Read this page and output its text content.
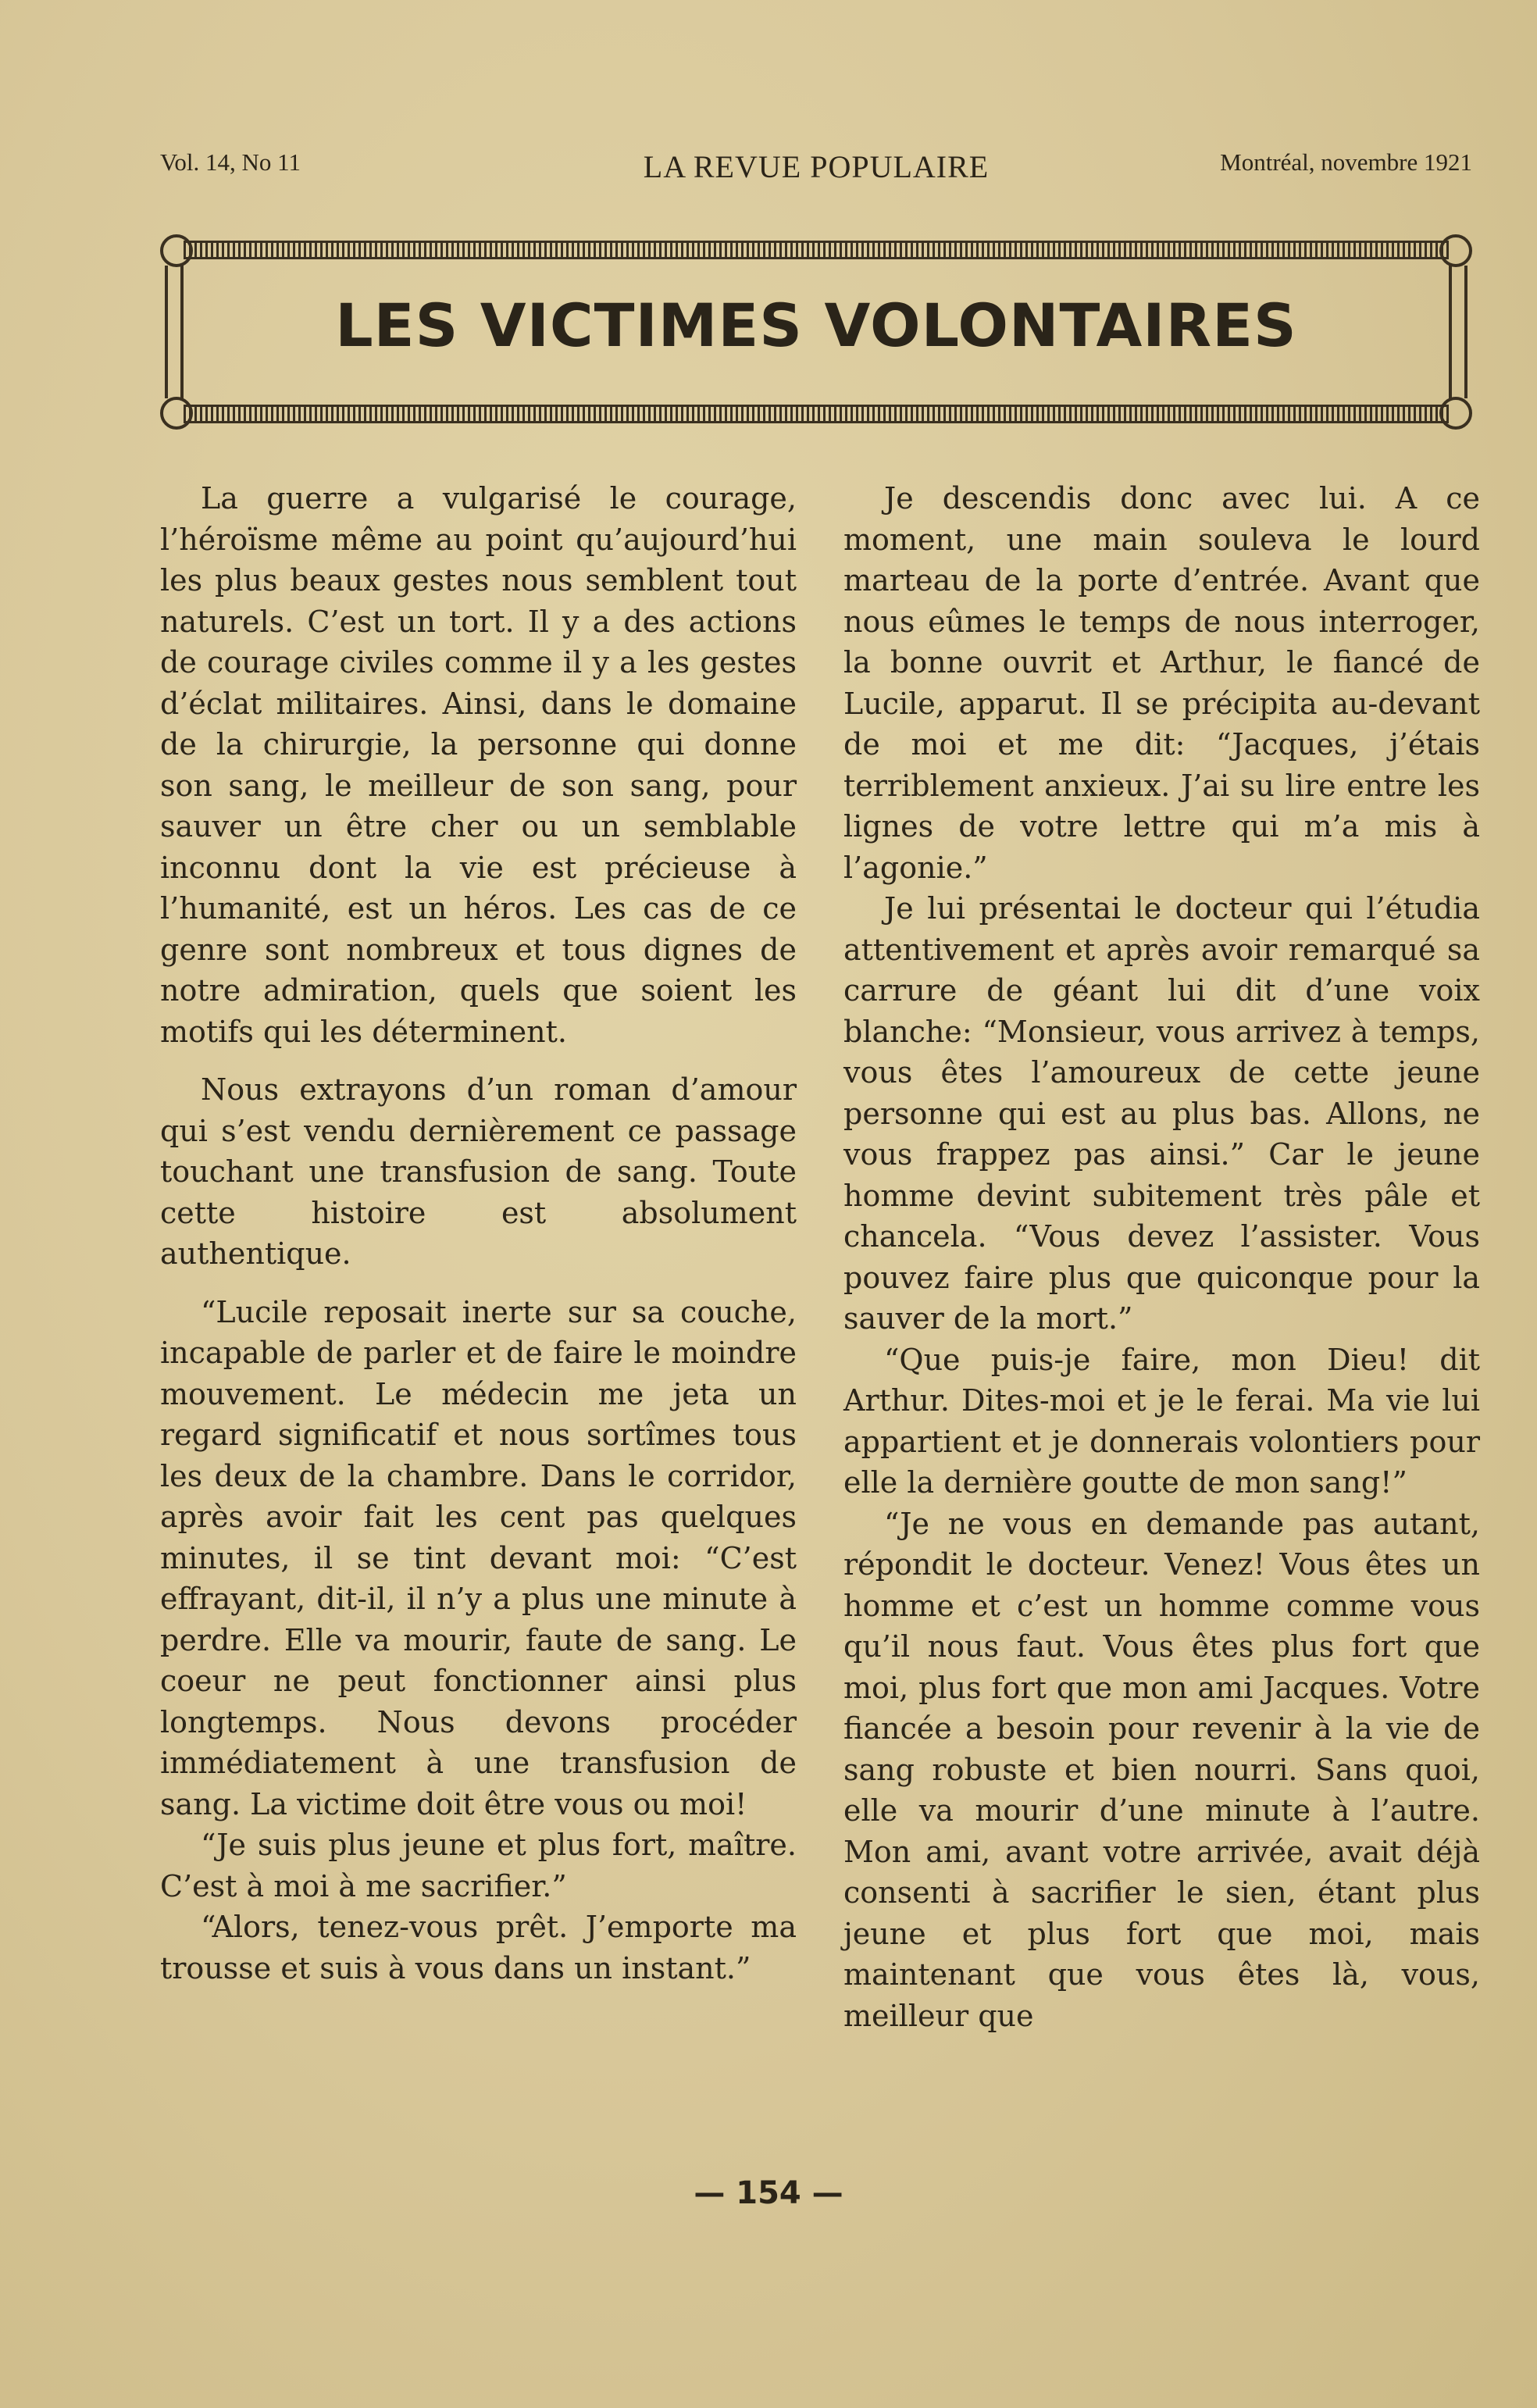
Vol. 14, No 11	LA REVUE POPULAIRE	Montréal, novembre 1921
LES VICTIMES VOLONTAIRES

La guerre a vulgarisé le courage, l’héroïsme même au point qu’aujourd’hui les plus beaux gestes nous semblent tout naturels. C’est un tort. Il y a des actions de courage civiles comme il y a les gestes d’éclat militaires. Ainsi, dans le domaine de la chirurgie, la personne qui donne son sang, le meilleur de son sang, pour sauver un être cher ou un semblable inconnu dont la vie est précieuse à l’humanité, est un héros. Les cas de ce genre sont nombreux et tous dignes de notre admiration, quels que soient les motifs qui les déterminent.

Nous extrayons d’un roman d’amour qui s’est vendu dernièrement ce passage touchant une transfusion de sang. Toute cette histoire est absolument authentique.

“Lucile reposait inerte sur sa couche, incapable de parler et de faire le moindre mouvement. Le médecin me jeta un regard significatif et nous sortîmes tous les deux de la chambre. Dans le corridor, après avoir fait les cent pas quelques minutes, il se tint devant moi: “C’est effrayant, dit-il, il n’y a plus une minute à perdre. Elle va mourir, faute de sang. Le coeur ne peut fonctionner ainsi plus longtemps. Nous devons procéder immédiatement à une transfusion de sang. La victime doit être vous ou moi!

“Je suis plus jeune et plus fort, maître. C’est à moi à me sacrifier.”

“Alors, tenez-vous prêt. J’emporte ma trousse et suis à vous dans un instant.”

Je descendis donc avec lui. A ce moment, une main souleva le lourd marteau de la porte d’entrée. Avant que nous eûmes le temps de nous interroger, la bonne ouvrit et Arthur, le fiancé de Lucile, apparut. Il se précipita au-devant de moi et me dit: “Jacques, j’étais terriblement anxieux. J’ai su lire entre les lignes de votre lettre qui m’a mis à l’agonie.”

Je lui présentai le docteur qui l’étudia attentivement et après avoir remarqué sa carrure de géant lui dit d’une voix blanche: “Monsieur, vous arrivez à temps, vous êtes l’amoureux de cette jeune personne qui est au plus bas. Allons, ne vous frappez pas ainsi.” Car le jeune homme devint subitement très pâle et chancela. “Vous devez l’assister. Vous pouvez faire plus que quiconque pour la sauver de la mort.”

“Que puis-je faire, mon Dieu! dit Arthur. Dites-moi et je le ferai. Ma vie lui appartient et je donnerais volontiers pour elle la dernière goutte de mon sang!”

“Je ne vous en demande pas autant, répondit le docteur. Venez! Vous êtes un homme et c’est un homme comme vous qu’il nous faut. Vous êtes plus fort que moi, plus fort que mon ami Jacques. Votre fiancée a besoin pour revenir à la vie de sang robuste et bien nourri. Sans quoi, elle va mourir d’une minute à l’autre. Mon ami, avant votre arrivée, avait déjà consenti à sacrifier le sien, étant plus jeune et plus fort que moi, mais maintenant que vous êtes là, vous, meilleur que

— 154 —
